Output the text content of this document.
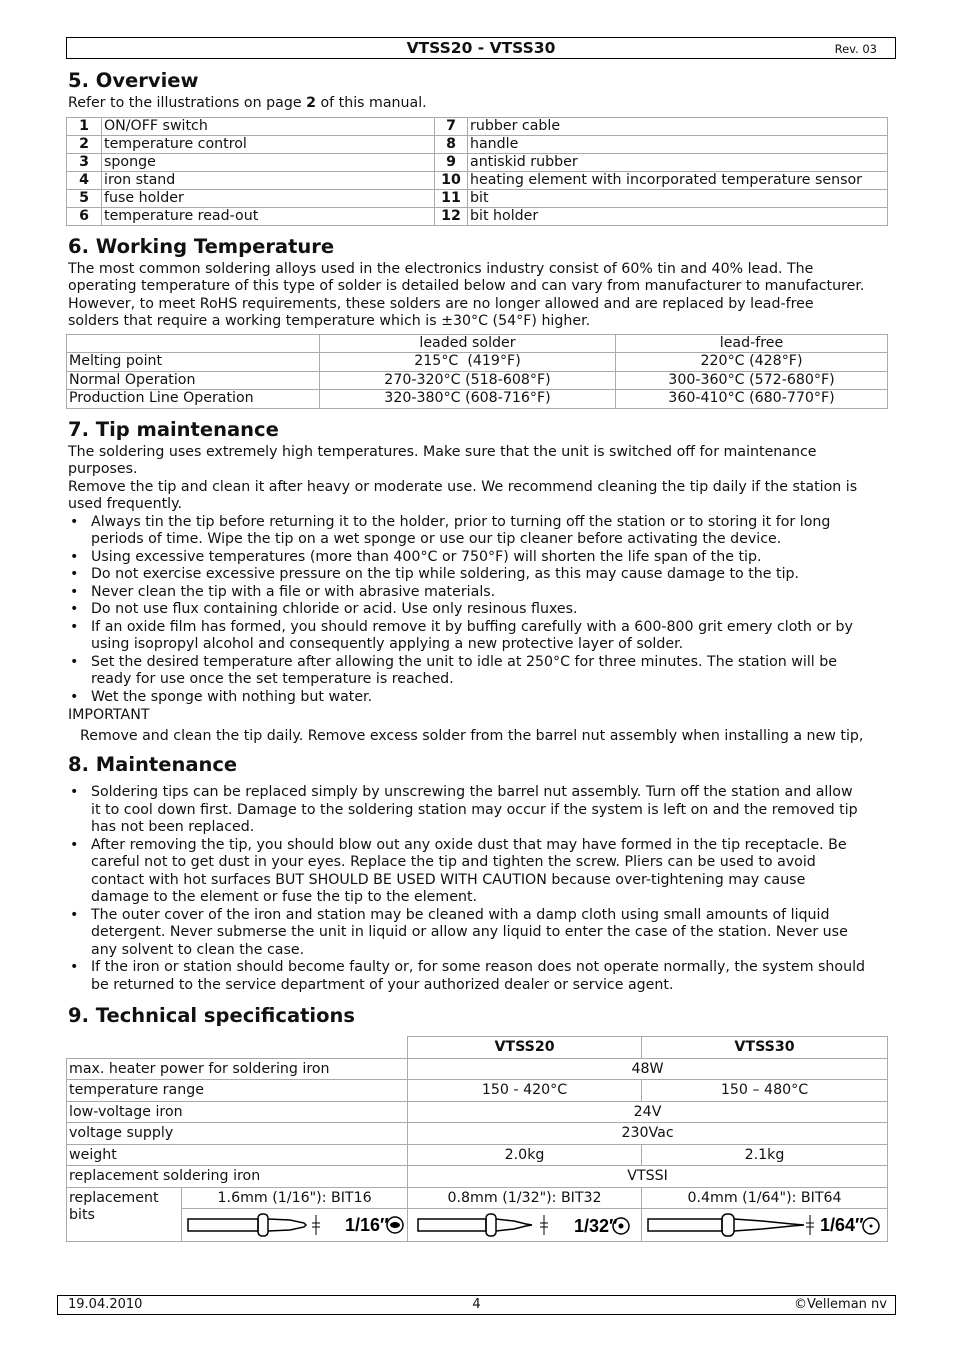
VTSS20 - VTSS30	Rev. 03
5. Overview

Refer to the illustrations on page 2 of this manual.

1	ON/OFF switch	7	rubber cable
2	temperature control	8	handle
3	sponge	9	antiskid rubber
4	iron stand	10	heating element with incorporated temperature sensor
5	fuse holder	11	bit
6	temperature read-out	12	bit holder
6. Working Temperature

The most common soldering alloys used in the electronics industry consist of 60% tin and 40% lead. The
operating temperature of this type of solder is detailed below and can vary from manufacturer to manufacturer.
However, to meet RoHS requirements, these solders are no longer allowed and are replaced by lead-free
solders that require a working temperature which is ±30°C (54°F) higher.

	leaded solder	lead-free
Melting point	215°C  (419°F)	220°C (428°F)
Normal Operation	270-320°C (518-608°F)	300-360°C (572-680°F)
Production Line Operation	320-380°C (608-716°F)	360-410°C (680-770°F)
7. Tip maintenance

The soldering uses extremely high temperatures. Make sure that the unit is switched off for maintenance
purposes.
Remove the tip and clean it after heavy or moderate use. We recommend cleaning the tip daily if the station is
used frequently.

• Always tin the tip before returning it to the holder, prior to turning off the station or to storing it for long
periods of time. Wipe the tip on a wet sponge or use our tip cleaner before activating the device.
• Using excessive temperatures (more than 400°C or 750°F) will shorten the life span of the tip.
• Do not exercise excessive pressure on the tip while soldering, as this may cause damage to the tip.
• Never clean the tip with a file or with abrasive materials.
• Do not use flux containing chloride or acid. Use only resinous fluxes.
• If an oxide film has formed, you should remove it by buffing carefully with a 600-800 grit emery cloth or by
using isopropyl alcohol and consequently applying a new protective layer of solder.
• Set the desired temperature after allowing the unit to idle at 250°C for three minutes. The station will be
ready for use once the set temperature is reached.
• Wet the sponge with nothing but water.

IMPORTANT

Remove and clean the tip daily. Remove excess solder from the barrel nut assembly when installing a new tip,

8. Maintenance
• Soldering tips can be replaced simply by unscrewing the barrel nut assembly. Turn off the station and allow
it to cool down first. Damage to the soldering station may occur if the system is left on and the removed tip
has not been replaced.
• After removing the tip, you should blow out any oxide dust that may have formed in the tip receptacle. Be
careful not to get dust in your eyes. Replace the tip and tighten the screw. Pliers can be used to avoid
contact with hot surfaces BUT SHOULD BE USED WITH CAUTION because over-tightening may cause
damage to the element or fuse the tip to the element.
• The outer cover of the iron and station may be cleaned with a damp cloth using small amounts of liquid
detergent. Never submerse the unit in liquid or allow any liquid to enter the case of the station. Never use
any solvent to clean the case.
• If the iron or station should become faulty or, for some reason does not operate normally, the system should
be returned to the service department of your authorized dealer or service agent.
9. Technical specifications
		VTSS20	VTSS30
max. heater power for soldering iron		48W	
temperature range		150 - 420°C	150 – 480°C
low-voltage iron		24V	
voltage supply		230Vac	
weight		2.0kg	2.1kg
replacement soldering iron		VTSSI	
replacement bits	1.6mm (1/16"): BIT16	0.8mm (1/32"): BIT32	0.4mm (1/64"): BIT64

1/16″	1/32″	1/64″
19.04.2010	4	©Velleman nv
